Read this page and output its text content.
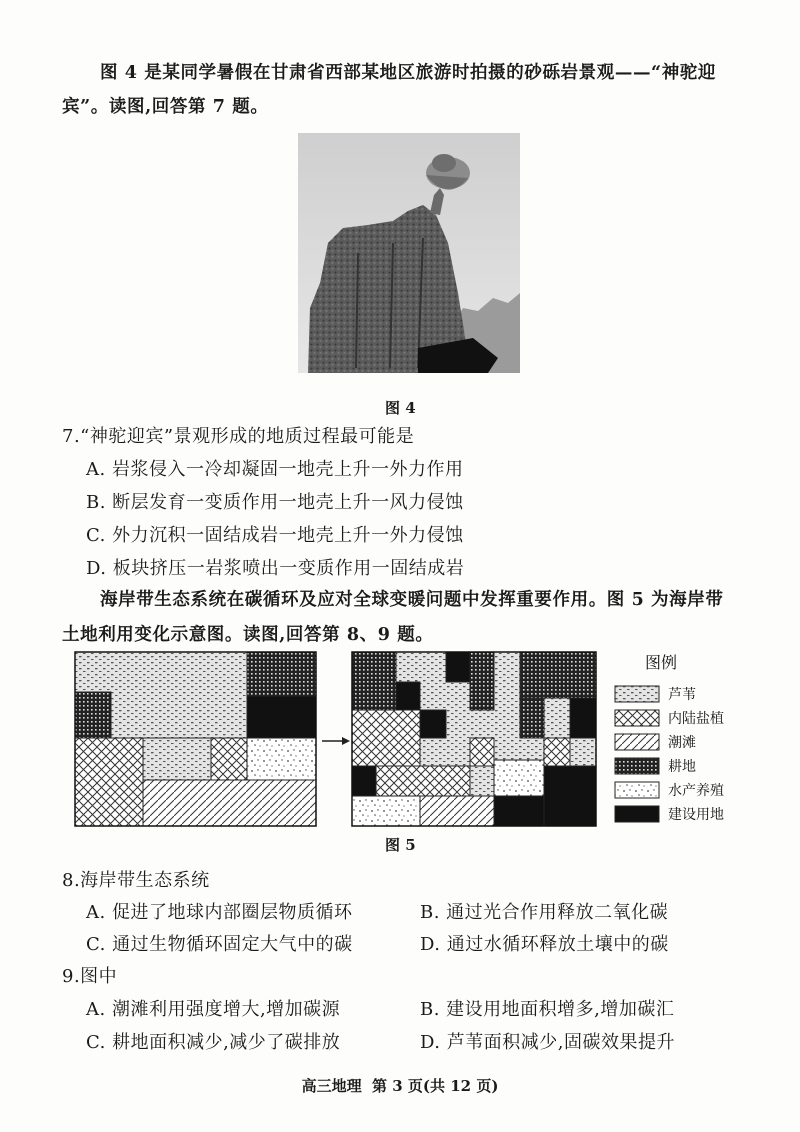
图 4 是某同学暑假在甘肃省西部某地区旅游时拍摄的砂砾岩景观——“神驼迎
宾”。读图,回答第 7 题。
图 4
7.“神驼迎宾”景观形成的地质过程最可能是
A. 岩浆侵入一冷却凝固一地壳上升一外力作用
B. 断层发育一变质作用一地壳上升一风力侵蚀
C. 外力沉积一固结成岩一地壳上升一外力侵蚀
D. 板块挤压一岩浆喷出一变质作用一固结成岩
海岸带生态系统在碳循环及应对全球变暖问题中发挥重要作用。图 5 为海岸带
土地利用变化示意图。读图,回答第 8、9 题。
图例
芦苇
内陆盐植
潮滩
耕地
水产养殖
建设用地
图 5
8.海岸带生态系统
A. 促进了地球内部圈层物质循环	B. 通过光合作用释放二氧化碳
C. 通过生物循环固定大气中的碳	D. 通过水循环释放土壤中的碳
9.图中
A. 潮滩利用强度增大,增加碳源	B. 建设用地面积增多,增加碳汇
C. 耕地面积减少,减少了碳排放	D. 芦苇面积减少,固碳效果提升
高三地理  第 3 页(共 12 页)
